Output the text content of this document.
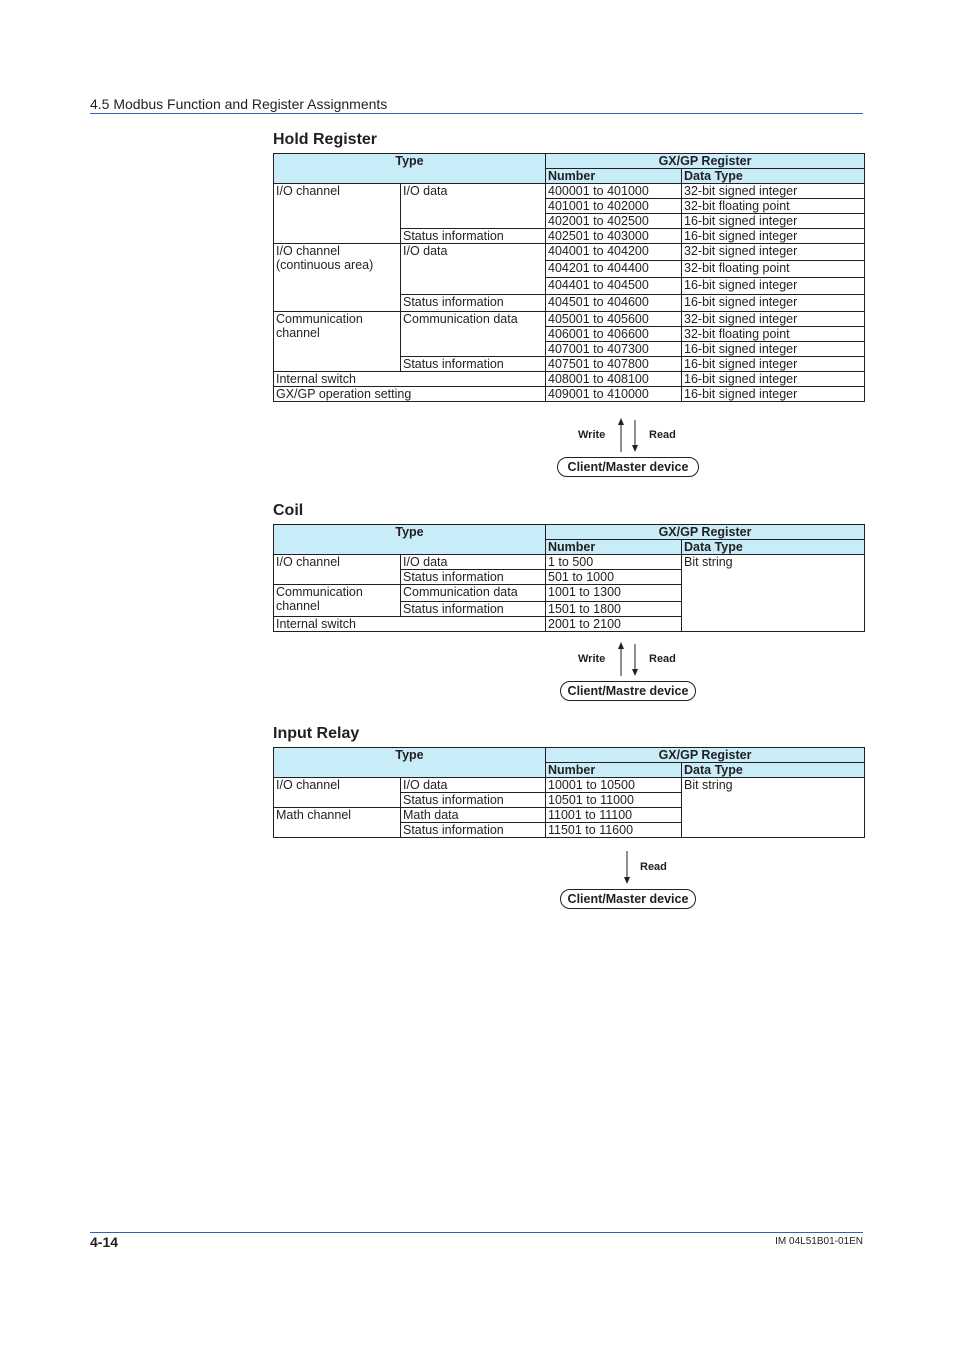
4.5 Modbus Function and Register Assignments
Hold Register
Type		GX/GP Register	
		Number	Data Type
I/O channel	I/O data	400001 to 401000	32-bit signed integer
		401001 to 402000	32-bit floating point
		402001 to 402500	16-bit signed integer
	Status information	402501 to 403000	16-bit signed integer
I/O channel (continuous area)	I/O data	404001 to 404200	32-bit signed integer
		404201 to 404400	32-bit floating point
		404401 to 404500	16-bit signed integer
	Status information	404501 to 404600	16-bit signed integer
Communication channel	Communication data	405001 to 405600	32-bit signed integer
		406001 to 406600	32-bit floating point
		407001 to 407300	16-bit signed integer
	Status information	407501 to 407800	16-bit signed integer
Internal switch		408001 to 408100	16-bit signed integer
GX/GP operation setting		409001 to 410000	16-bit signed integer
Write	Read
Client/Master device
Coil
Type		GX/GP Register	
		Number	Data Type
I/O channel	I/O data	1 to 500	Bit string
	Status information	501 to 1000	
Communication channel	Communication data	1001 to 1300	
	Status information	1501 to 1800	
Internal switch		2001 to 2100	
Write	Read
Client/Mastre device
Input Relay
Type		GX/GP Register	
		Number	Data Type
I/O channel	I/O data	10001 to 10500	Bit string
	Status information	10501 to 11000	
Math channel	Math data	11001 to 11100	
	Status information	11501 to 11600	
Read
Client/Master device
4-14	IM 04L51B01-01EN
